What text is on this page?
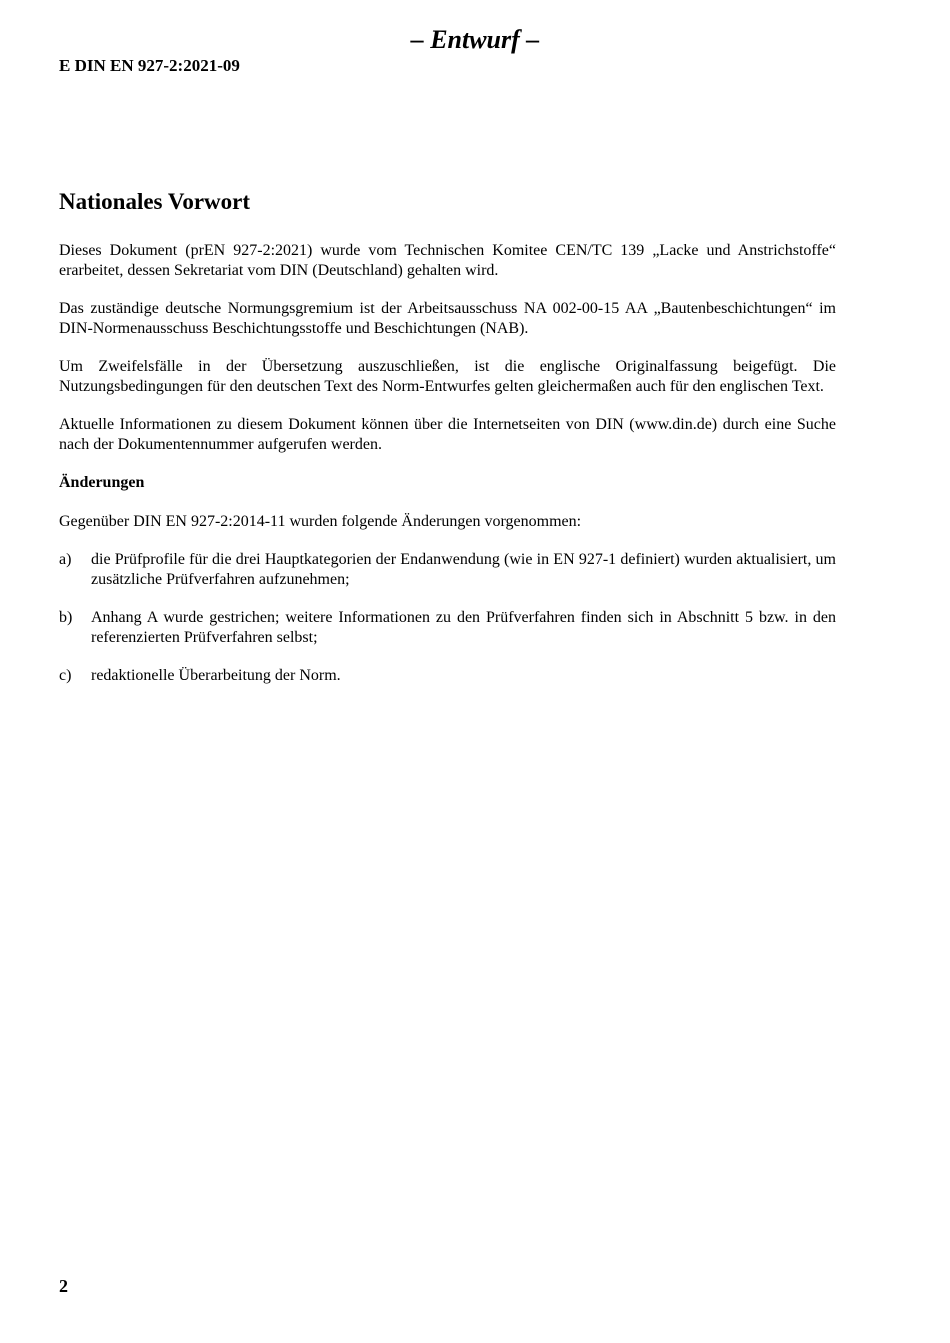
– Entwurf –
E DIN EN 927-2:2021-09
Nationales Vorwort

Dieses Dokument (prEN 927-2:2021) wurde vom Technischen Komitee CEN/TC 139 „Lacke und Anstrichstoffe“ erarbeitet, dessen Sekretariat vom DIN (Deutschland) gehalten wird.

Das zuständige deutsche Normungsgremium ist der Arbeitsausschuss NA 002-00-15 AA „Bautenbeschichtungen“ im DIN-Normenausschuss Beschichtungsstoffe und Beschichtungen (NAB).

Um Zweifelsfälle in der Übersetzung auszuschließen, ist die englische Originalfassung beigefügt. Die Nutzungsbedingungen für den deutschen Text des Norm-Entwurfes gelten gleichermaßen auch für den englischen Text.

Aktuelle Informationen zu diesem Dokument können über die Internetseiten von DIN (www.din.de) durch eine Suche nach der Dokumentennummer aufgerufen werden.

Änderungen

Gegenüber DIN EN 927-2:2014-11 wurden folgende Änderungen vorgenommen:

a)	die Prüfprofile für die drei Hauptkategorien der Endanwendung (wie in EN 927-1 definiert) wurden aktualisiert, um zusätzliche Prüfverfahren aufzunehmen;
b)	Anhang A wurde gestrichen; weitere Informationen zu den Prüfverfahren finden sich in Abschnitt 5 bzw. in den referenzierten Prüfverfahren selbst;
c)	redaktionelle Überarbeitung der Norm.
2
